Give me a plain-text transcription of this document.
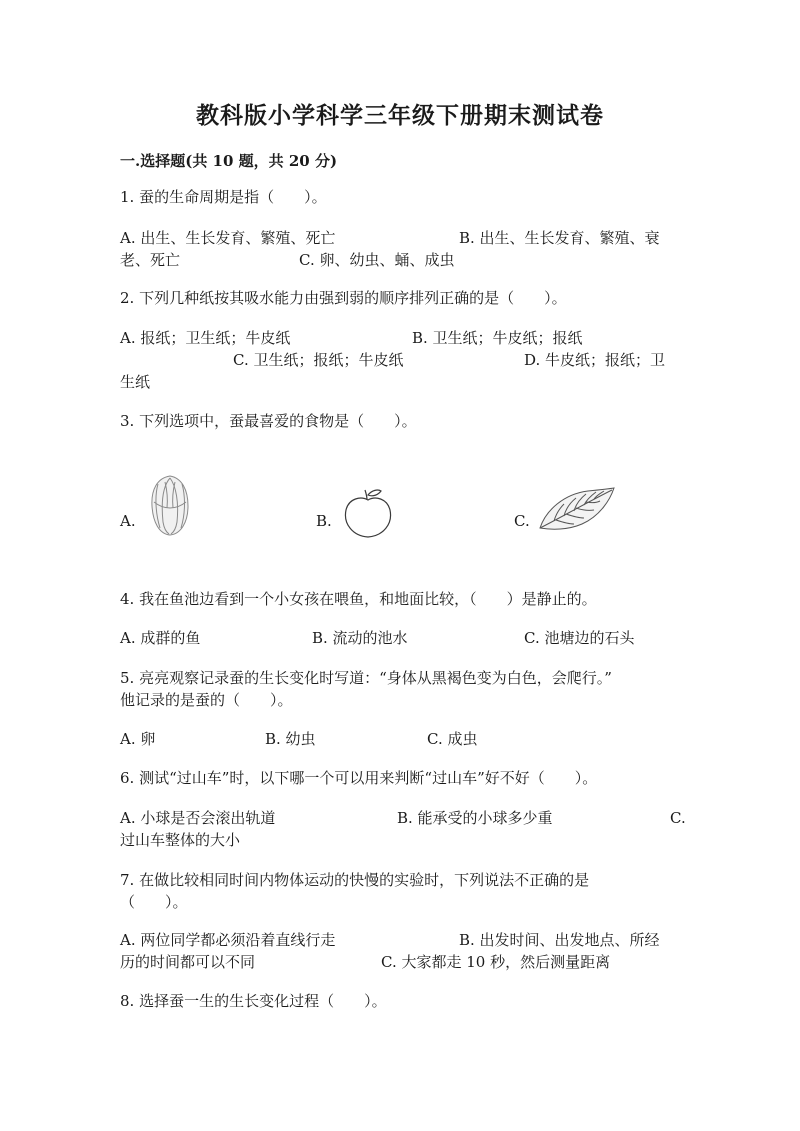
教科版小学科学三年级下册期末测试卷
一.选择题(共 10 题，共 20 分)
1. 蚕的生命周期是指（　　）。
A. 出生、生长发育、繁殖、死亡	B. 出生、生长发育、繁殖、衰
老、死亡	C. 卵、幼虫、蛹、成虫
2. 下列几种纸按其吸水能力由强到弱的顺序排列正确的是（　　）。
A. 报纸；卫生纸；牛皮纸	B. 卫生纸；牛皮纸；报纸
C. 卫生纸；报纸；牛皮纸	D. 牛皮纸；报纸；卫
生纸
3. 下列选项中，蚕最喜爱的食物是（　　）。
A.	B.	C.
4. 我在鱼池边看到一个小女孩在喂鱼，和地面比较，（　　）是静止的。
A. 成群的鱼	B. 流动的池水	C. 池塘边的石头
5. 亮亮观察记录蚕的生长变化时写道：“身体从黑褐色变为白色，会爬行。”
他记录的是蚕的（　　）。
A. 卵	B. 幼虫	C. 成虫
6. 测试“过山车”时，以下哪一个可以用来判断“过山车”好不好（　　）。
A. 小球是否会滚出轨道	B. 能承受的小球多少重	C.
过山车整体的大小
7. 在做比较相同时间内物体运动的快慢的实验时，下列说法不正确的是
（　　）。
A. 两位同学都必须沿着直线行走	B. 出发时间、出发地点、所经
历的时间都可以不同	C. 大家都走 10 秒，然后测量距离
8. 选择蚕一生的生长变化过程（　　）。
